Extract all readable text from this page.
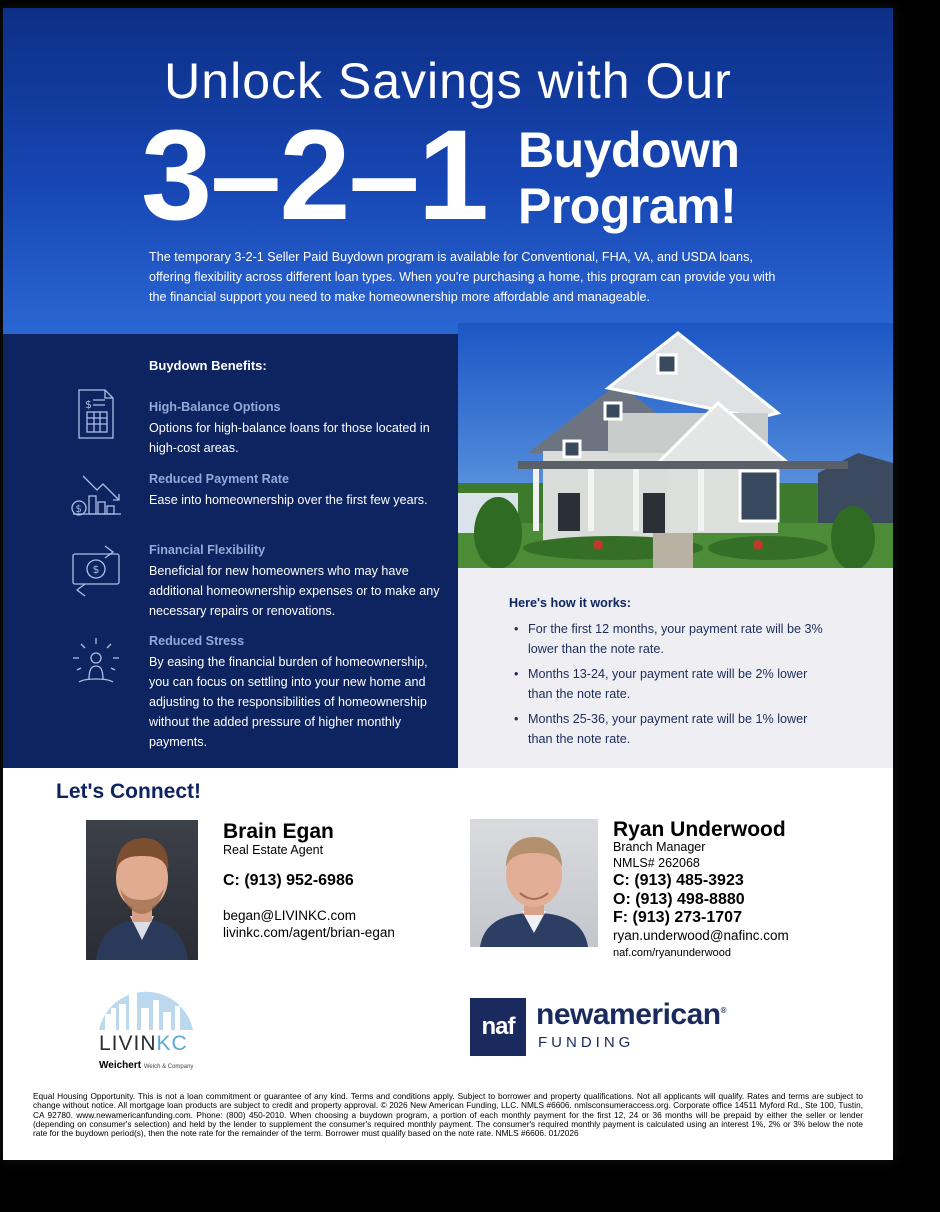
Unlock Savings with Our
3–2–1 Buydown
Program!
The temporary 3-2-1 Seller Paid Buydown program is available for Conventional, FHA, VA, and USDA loans, offering flexibility across different loan types. When you're purchasing a home, this program can provide you with the financial support you need to make homeownership more affordable and manageable.
Buydown Benefits:
$	High-Balance Options
Options for high-balance loans for those located in high-cost areas.
$
Reduced Payment Rate
Ease into homeownership over the first few years.
$
Financial Flexibility
Beneficial for new homeowners who may have additional homeownership expenses or to make any necessary repairs or renovations.
Reduced Stress
By easing the financial burden of homeownership, you can focus on settling into your new home and adjusting to the responsibilities of homeownership without the added pressure of higher monthly payments.
Here's how it works:
• For the first 12 months, your payment rate will be 3% lower than the note rate.
• Months 13-24, your payment rate will be 2% lower than the note rate.
• Months 25-36, your payment rate will be 1% lower than the note rate.
Let's Connect!
Brain Egan
Real Estate Agent
C: (913) 952-6986
began@LIVINKC.com
livinkc.com/agent/brian-egan
Ryan Underwood
Branch Manager
NMLS# 262068
C: (913) 485-3923
O: (913) 498-8880
F: (913) 273-1707
ryan.underwood@nafinc.com
naf.com/ryanunderwood
LIVINKC
Weichert Welch & Company
naf newamerican®
FUNDING
Equal Housing Opportunity. This is not a loan commitment or guarantee of any kind. Terms and conditions apply. Subject to borrower and property qualifications. Not all applicants will qualify. Rates and terms are subject to change without notice. All mortgage loan products are subject to credit and property approval. © 2026 New American Funding, LLC. NMLS #6606. nmlsconsumeraccess.org. Corporate office 14511 Myford Rd., Ste 100, Tustin, CA 92780. www.newamericanfunding.com. Phone: (800) 450-2010. When choosing a buydown program, a portion of each monthly payment for the first 12, 24 or 36 months will be prepaid by either the seller or lender (depending on consumer's selection) and held by the lender to supplement the consumer's required monthly payment. The consumer's required monthly payment is calculated using an interest 1%, 2% or 3% below the note rate for the buydown period(s), then the note rate for the remainder of the term. Borrower must qualify based on the note rate. NMLS #6606. 01/2026
